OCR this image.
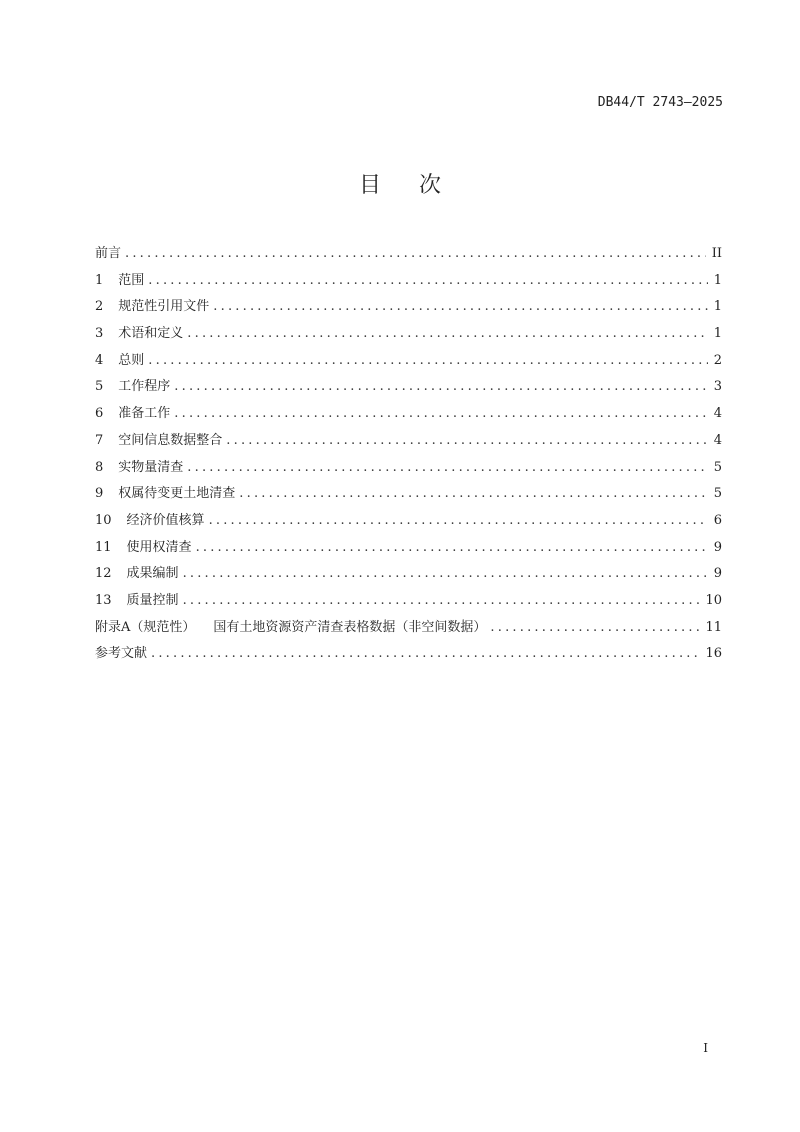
DB44/T 2743—2025
目次
前言 .....	II
1 范围 .....	1
2 规范性引用文件 .....	1
3 术语和定义 .....	1
4 总则 .....	2
5 工作程序 .....	3
6 准备工作 .....	4
7 空间信息数据整合 .....	4
8 实物量清查 .....	5
9 权属待变更土地清查 .....	5
10 经济价值核算 .....	6
11 使用权清查 .....	9
12 成果编制 .....	9
13 质量控制 .....	10
附录A（规范性） 国有土地资源资产清查表格数据（非空间数据） .....	11
参考文献 .....	16
I
